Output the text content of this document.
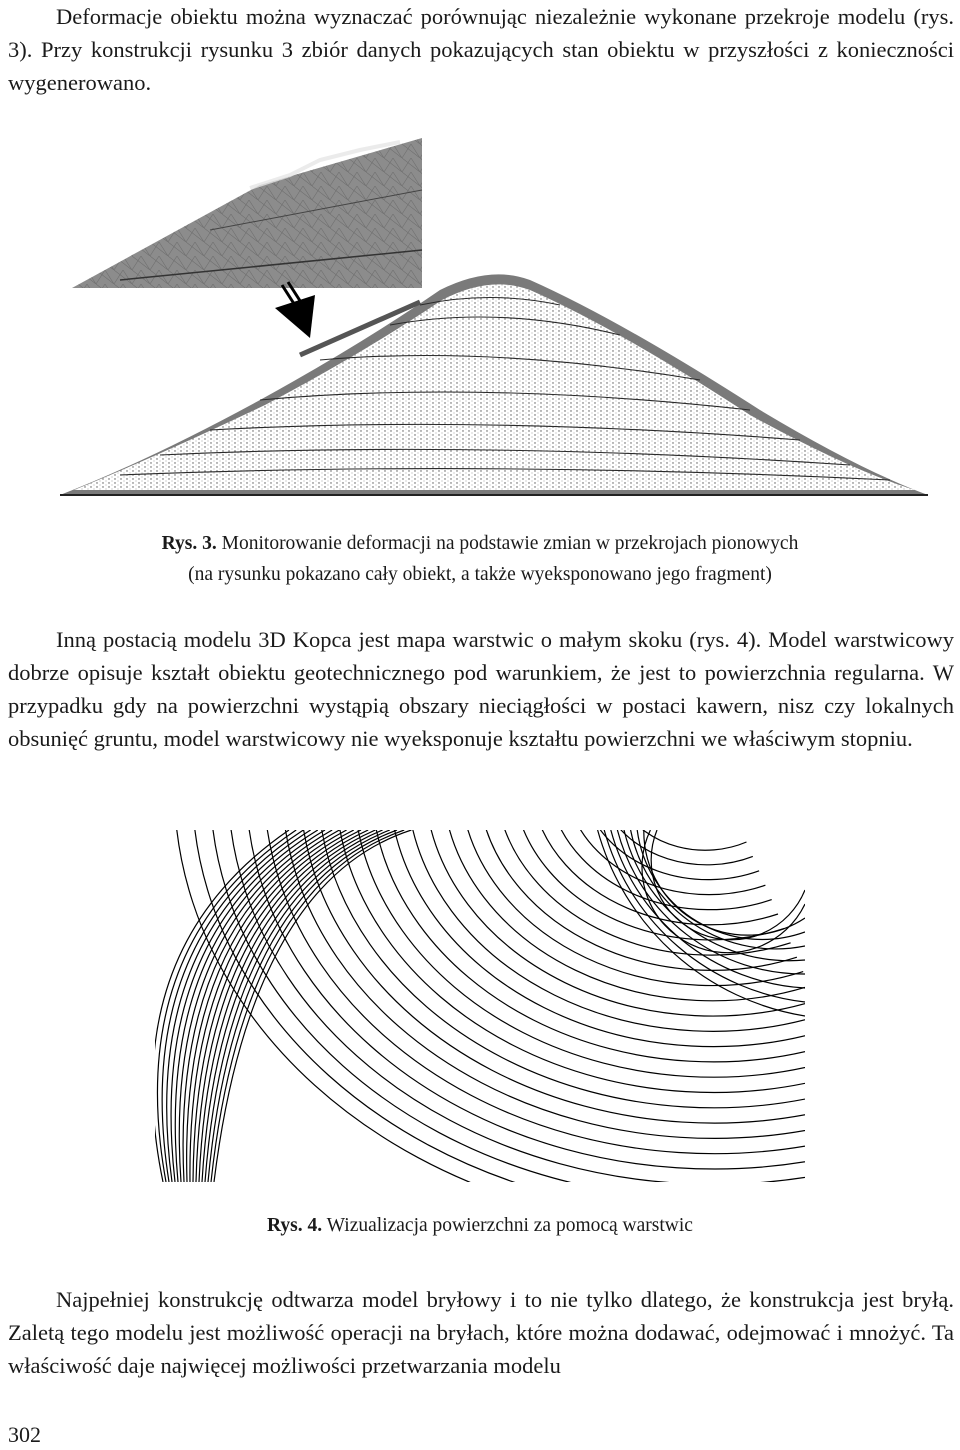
Deformacje obiektu można wyznaczać porównując niezależnie wykonane przekroje modelu (rys. 3). Przy konstrukcji rysunku 3 zbiór danych pokazujących stan obiektu w przyszłości z konieczności wygenerowano.

Rys. 3. Monitorowanie deformacji na podstawie zmian w przekrojach pionowych
(na rysunku pokazano cały obiekt, a także wyeksponowano jego fragment)

Inną postacią modelu 3D Kopca jest mapa warstwic o małym skoku (rys. 4). Model warstwicowy dobrze opisuje kształt obiektu geotechnicznego pod warunkiem, że jest to powierzchnia regularna. W przypadku gdy na powierzchni wystąpią obszary nieciągłości w postaci kawern, nisz czy lokalnych obsunięć gruntu, model warstwicowy nie wyeksponuje kształtu powierzchni we właściwym stopniu.

Rys. 4. Wizualizacja powierzchni za pomocą warstwic

Najpełniej konstrukcję odtwarza model bryłowy i to nie tylko dlatego, że konstrukcja jest bryłą. Zaletą tego modelu jest możliwość operacji na bryłach, które można dodawać, odejmować i mnożyć. Ta właściwość daje najwięcej możliwości przetwarzania modelu

302
